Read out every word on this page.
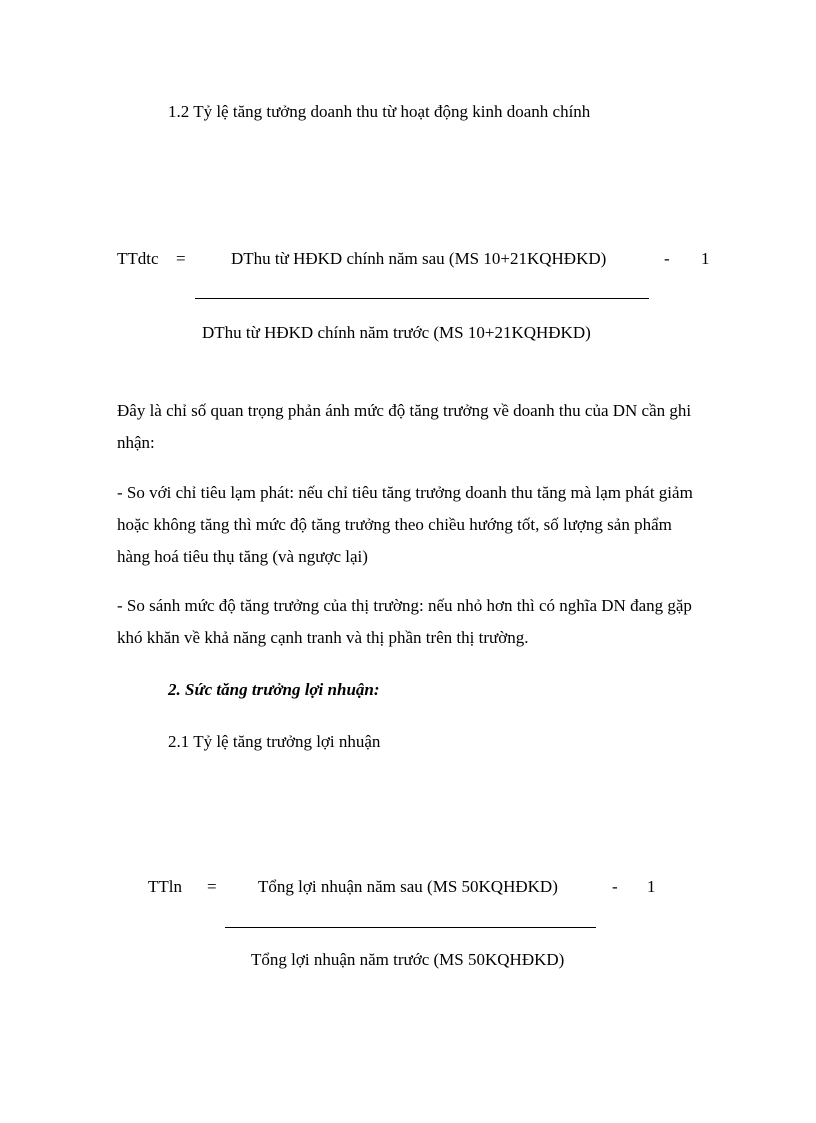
1.2 Tỷ lệ tăng tưởng doanh thu từ hoạt động kinh doanh chính
TTdtc =	DThu từ HĐKD chính năm sau (MS 10+21KQHĐKD)	- 1
DThu từ HĐKD chính năm trước (MS 10+21KQHĐKD)
Đây là chỉ số quan trọng phản ánh mức độ tăng trưởng về doanh thu của DN cần ghi nhận:
- So với chỉ tiêu lạm phát: nếu chỉ tiêu tăng trưởng doanh thu tăng mà lạm phát giảm hoặc không tăng thì mức độ tăng trưởng theo chiều hướng tốt, số lượng sản phẩm hàng hoá tiêu thụ tăng (và ngược lại)
- So sánh mức độ tăng trưởng của thị trường: nếu nhỏ hơn thì có nghĩa DN đang gặp khó khăn về khả năng cạnh tranh và thị phần trên thị trường.
2. Sức tăng trưởng lợi nhuận:
2.1 Tỷ lệ tăng trưởng lợi nhuận
TTln = Tổng lợi nhuận năm sau (MS 50KQHĐKD)	- 1
Tổng lợi nhuận năm trước (MS 50KQHĐKD)
